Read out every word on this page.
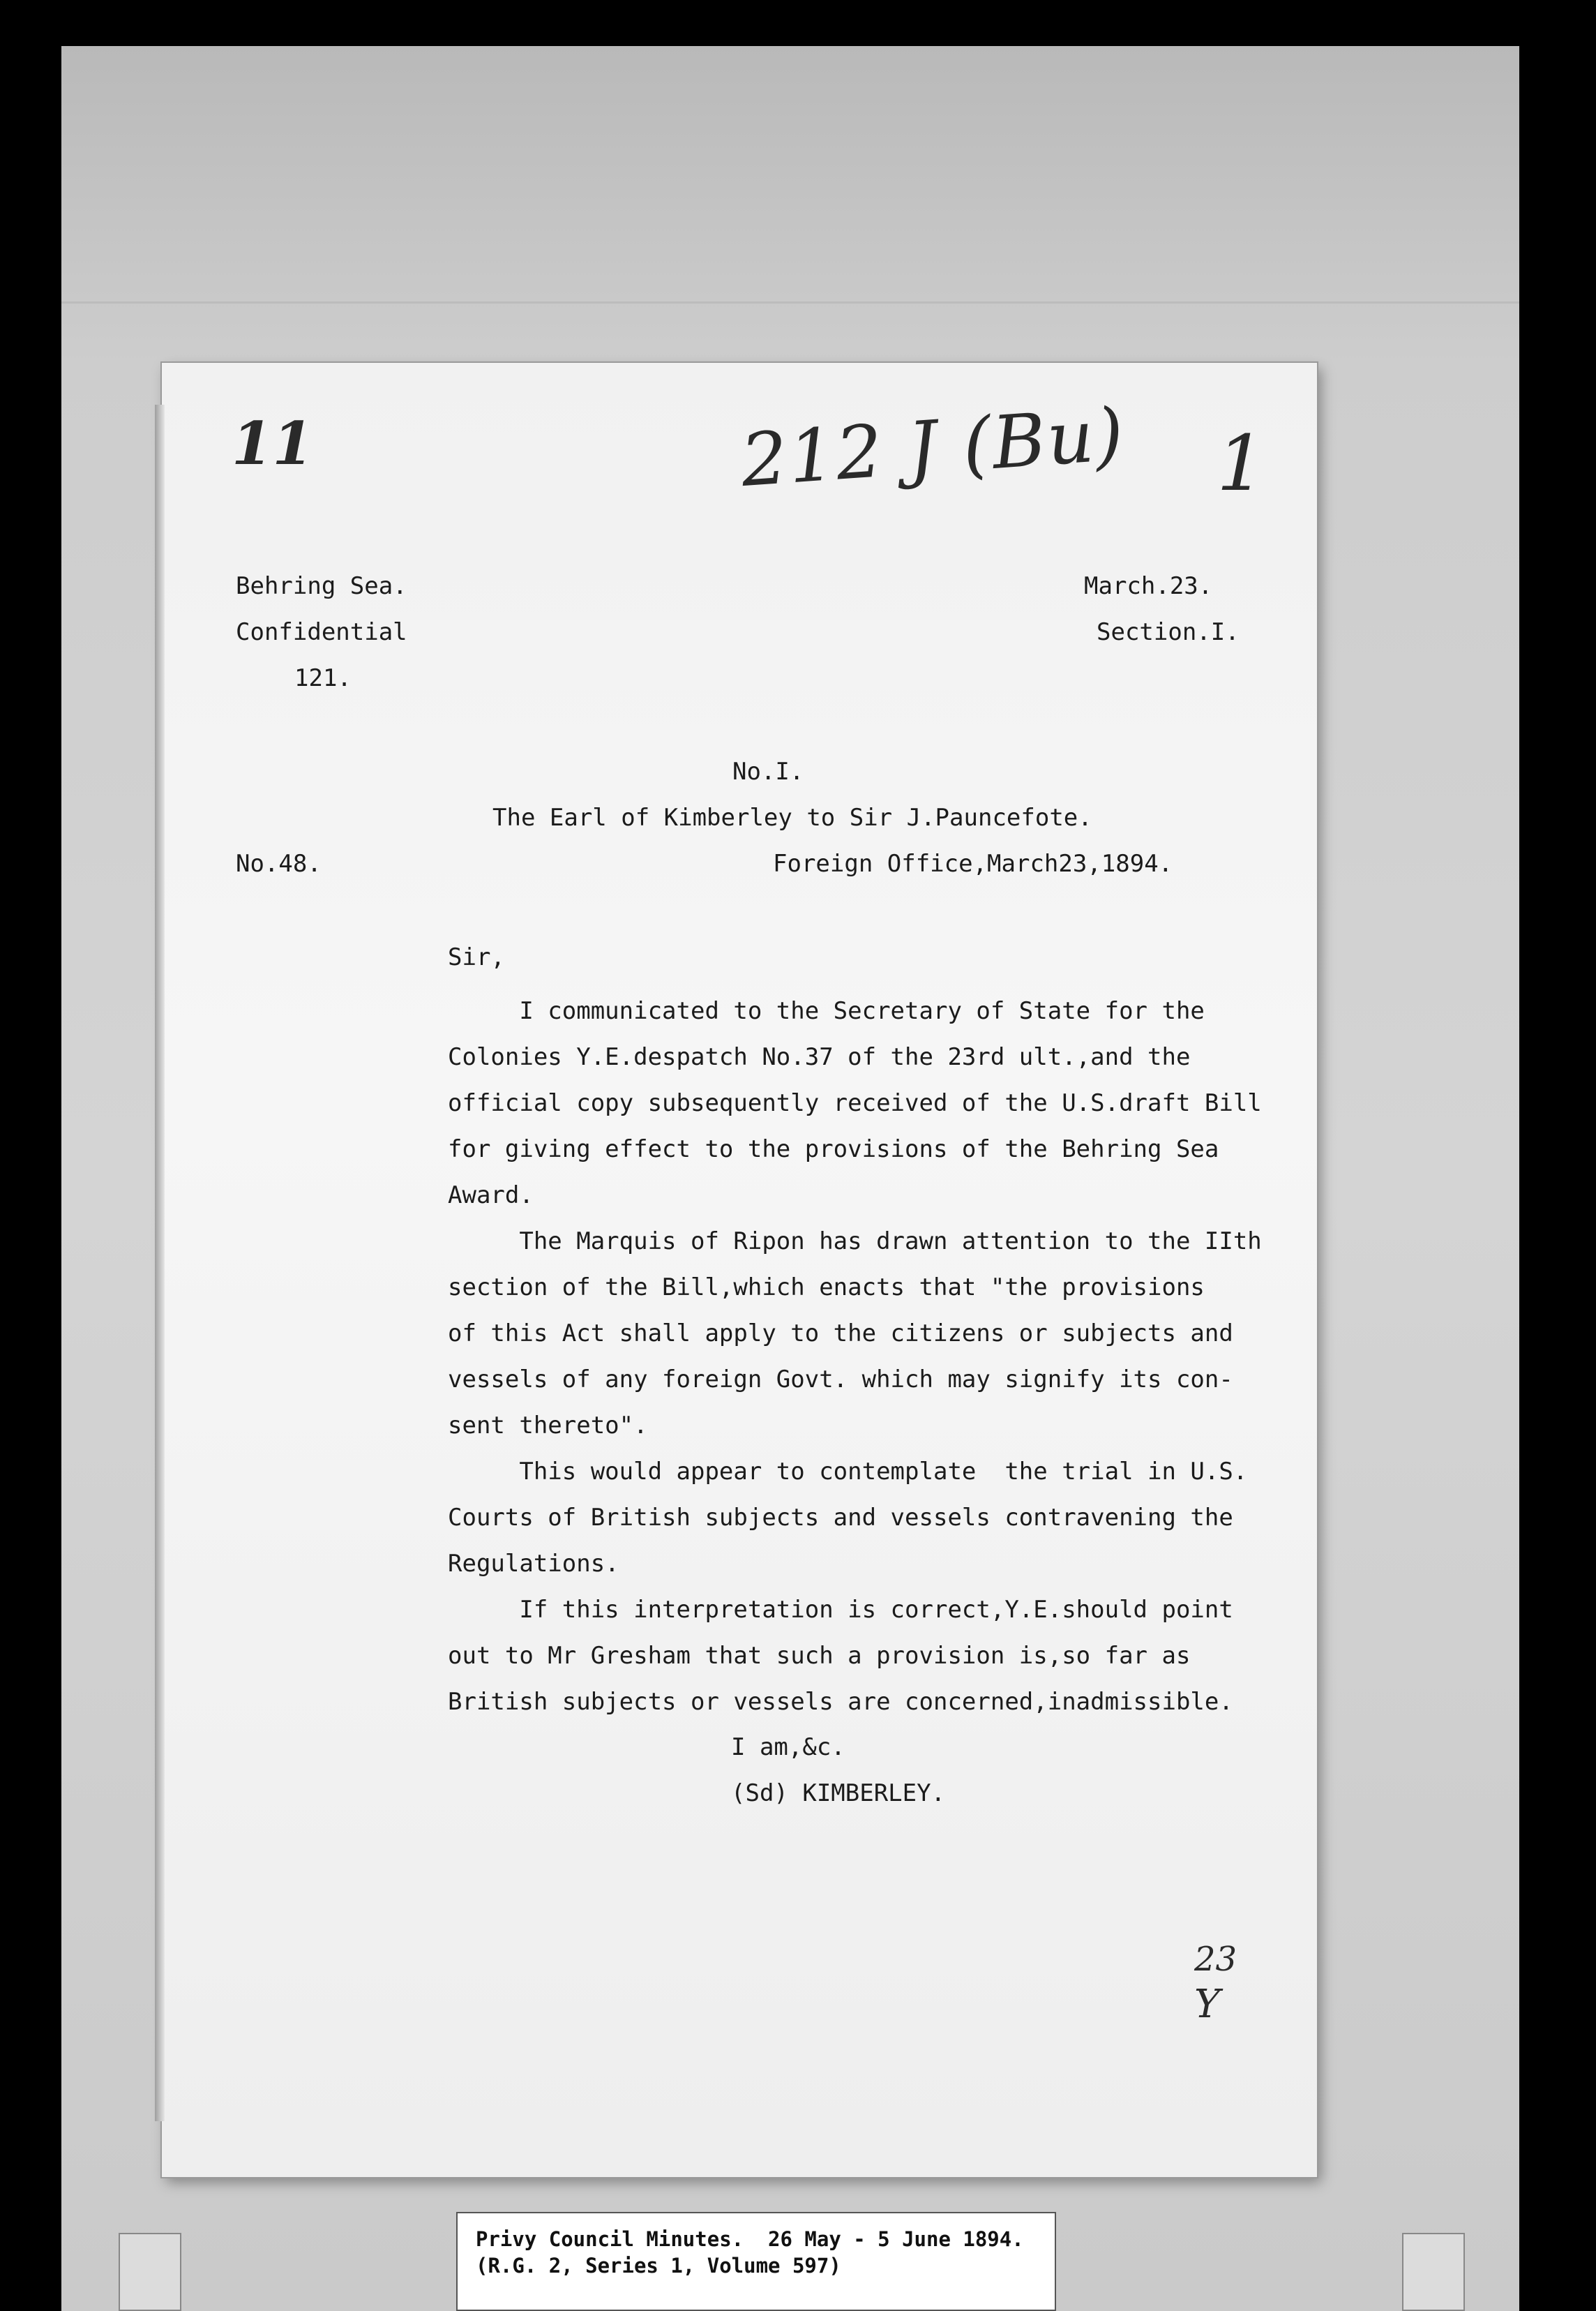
11	212 J (Bu) 1
Behring Sea.
Confidential
121.
March.23.
Section.I.
No.I.
The Earl of Kimberley to Sir J.Pauncefote.
No.48.	Foreign Office,March23,1894.
Sir,
I communicated to the Secretary of State for the
Colonies Y.E.despatch No.37 of the 23rd ult.,and the
official copy subsequently received of the U.S.draft Bill
for giving effect to the provisions of the Behring Sea
Award.
The Marquis of Ripon has drawn attention to the IIth
section of the Bill,which enacts that "the provisions
of this Act shall apply to the citizens or subjects and
vessels of any foreign Govt. which may signify its con-
sent thereto".
This would appear to contemplate  the trial in U.S.
Courts of British subjects and vessels contravening the
Regulations.
If this interpretation is correct,Y.E.should point
out to Mr Gresham that such a provision is,so far as
British subjects or vessels are concerned,inadmissible.
I am,&c.
(Sd) KIMBERLEY.
23
Y
Privy Council Minutes.  26 May - 5 June 1894.
(R.G. 2, Series 1, Volume 597)
